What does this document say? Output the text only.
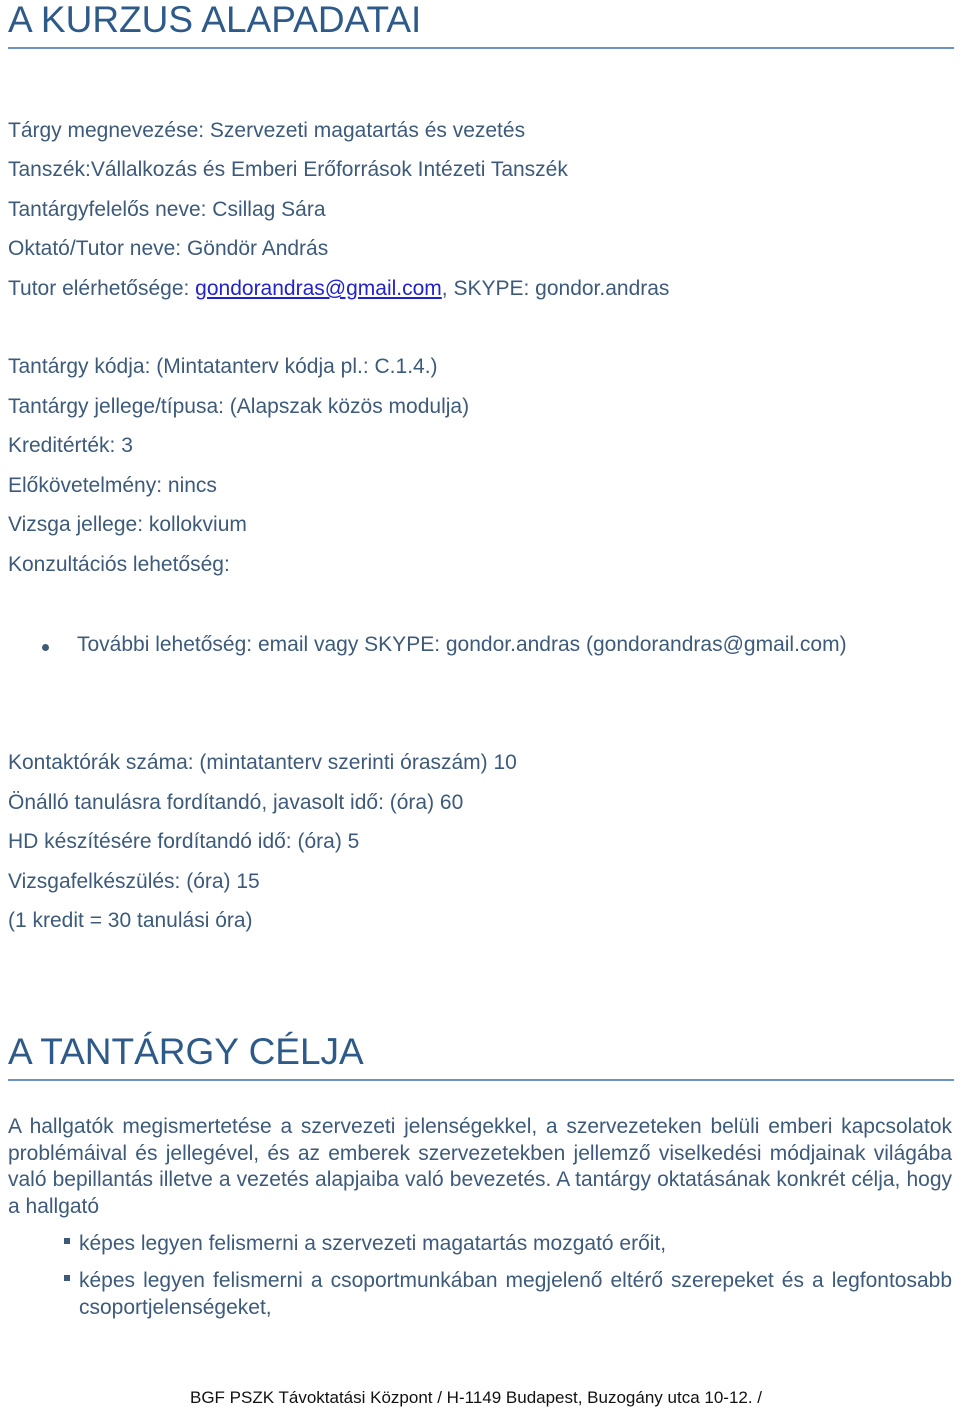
A KURZUS ALAPADATAI

Tárgy megnevezése: Szervezeti magatartás és vezetés

Tanszék:Vállalkozás és Emberi Erőforrások Intézeti Tanszék

Tantárgyfelelős neve: Csillag Sára

Oktató/Tutor neve: Göndör András

Tutor elérhetősége: gondorandras@gmail.com, SKYPE: gondor.andras

Tantárgy kódja: (Mintatanterv kódja pl.: C.1.4.)

Tantárgy jellege/típusa: (Alapszak közös modulja)

Kreditérték: 3

Előkövetelmény: nincs

Vizsga jellege: kollokvium

Konzultációs lehetőség:

További lehetőség: email vagy SKYPE: gondor.andras (gondorandras@gmail.com)

Kontaktórák száma: (mintatanterv szerinti óraszám) 10

Önálló tanulásra fordítandó, javasolt idő: (óra) 60

HD készítésére fordítandó idő: (óra) 5

Vizsgafelkészülés: (óra) 15

(1 kredit = 30 tanulási óra)

A TANTÁRGY CÉLJA

A hallgatók megismertetése a szervezeti jelenségekkel, a szervezeteken belüli emberi kapcsolatok problémáival és jellegével, és az emberek szervezetekben jellemző viselkedési módjainak világába való bepillantás illetve a vezetés alapjaiba való bevezetés. A tantárgy oktatásának konkrét célja, hogy a hallgató

képes legyen felismerni a szervezeti magatartás mozgató erőit,

képes legyen felismerni a csoportmunkában megjelenő eltérő szerepeket és a legfontosabb csoportjelenségeket,

BGF PSZK Távoktatási Központ / H-1149 Budapest, Buzogány utca 10-12. /
